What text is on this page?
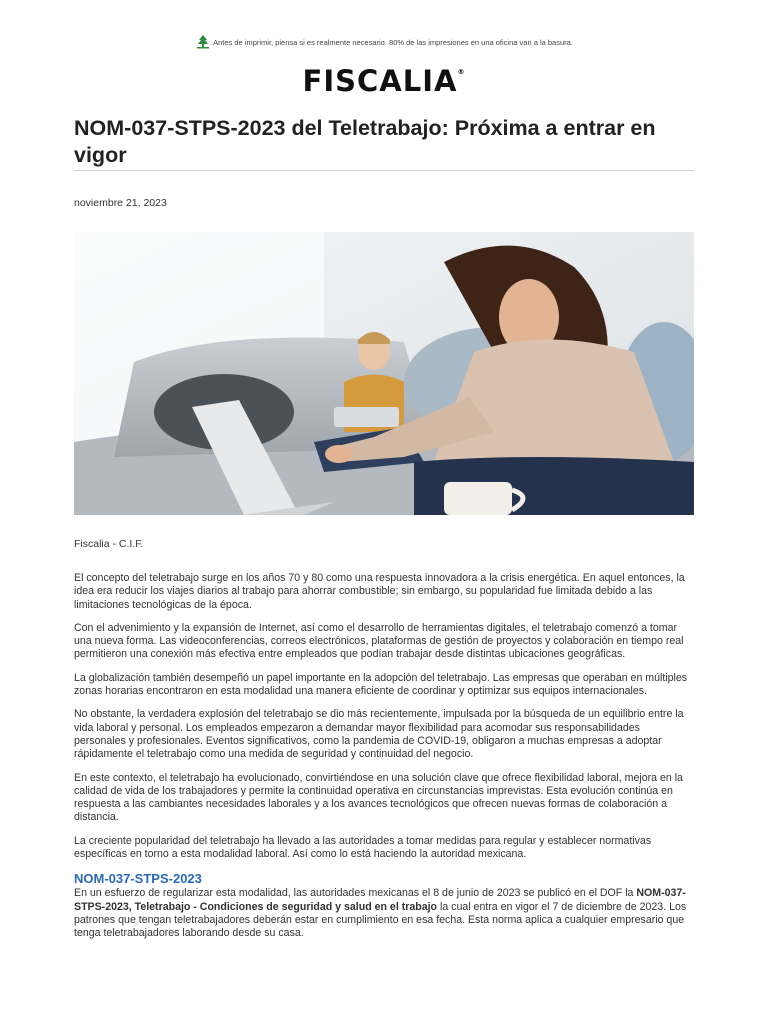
Antes de imprimir, piensa si es realmente necesario. 80% de las impresiones en una oficina van a la basura.
FISCALIA®
NOM-037-STPS-2023 del Teletrabajo: Próxima a entrar en vigor
noviembre 21, 2023
Fiscalia - C.I.F.

El concepto del teletrabajo surge en los años 70 y 80 como una respuesta innovadora a la crisis energética. En aquel entonces, la idea era reducir los viajes diarios al trabajo para ahorrar combustible; sin embargo, su popularidad fue limitada debido a las limitaciones tecnológicas de la época.

Con el advenimiento y la expansión de Internet, así como el desarrollo de herramientas digitales, el teletrabajo comenzó a tomar una nueva forma. Las videoconferencias, correos electrónicos, plataformas de gestión de proyectos y colaboración en tiempo real permitieron una conexión más efectiva entre empleados que podían trabajar desde distintas ubicaciones geográficas.

La globalización también desempeñó un papel importante en la adopción del teletrabajo. Las empresas que operaban en múltiples zonas horarias encontraron en esta modalidad una manera eficiente de coordinar y optimizar sus equipos internacionales.

No obstante, la verdadera explosión del teletrabajo se dio más recientemente, impulsada por la búsqueda de un equilibrio entre la vida laboral y personal. Los empleados empezaron a demandar mayor flexibilidad para acomodar sus responsabilidades personales y profesionales. Eventos significativos, como la pandemia de COVID-19, obligaron a muchas empresas a adoptar rápidamente el teletrabajo como una medida de seguridad y continuidad del negocio.

En este contexto, el teletrabajo ha evolucionado, convirtiéndose en una solución clave que ofrece flexibilidad laboral, mejora en la calidad de vida de los trabajadores y permite la continuidad operativa en circunstancias imprevistas. Esta evolución continúa en respuesta a las cambiantes necesidades laborales y a los avances tecnológicos que ofrecen nuevas formas de colaboración a distancia.

La creciente popularidad del teletrabajo ha llevado a las autoridades a tomar medidas para regular y establecer normativas específicas en torno a esta modalidad laboral. Así como lo está haciendo la autoridad mexicana.

NOM-037-STPS-2023

En un esfuerzo de regularizar esta modalidad, las autoridades mexicanas el 8 de junio de 2023 se publicó en el DOF la NOM-037-STPS-2023, Teletrabajo - Condiciones de seguridad y salud en el trabajo la cual entra en vigor el 7 de diciembre de 2023. Los patrones que tengan teletrabajadores deberán estar en cumplimiento en esa fecha. Esta norma aplica a cualquier empresario que tenga teletrabajadores laborando desde su casa.
